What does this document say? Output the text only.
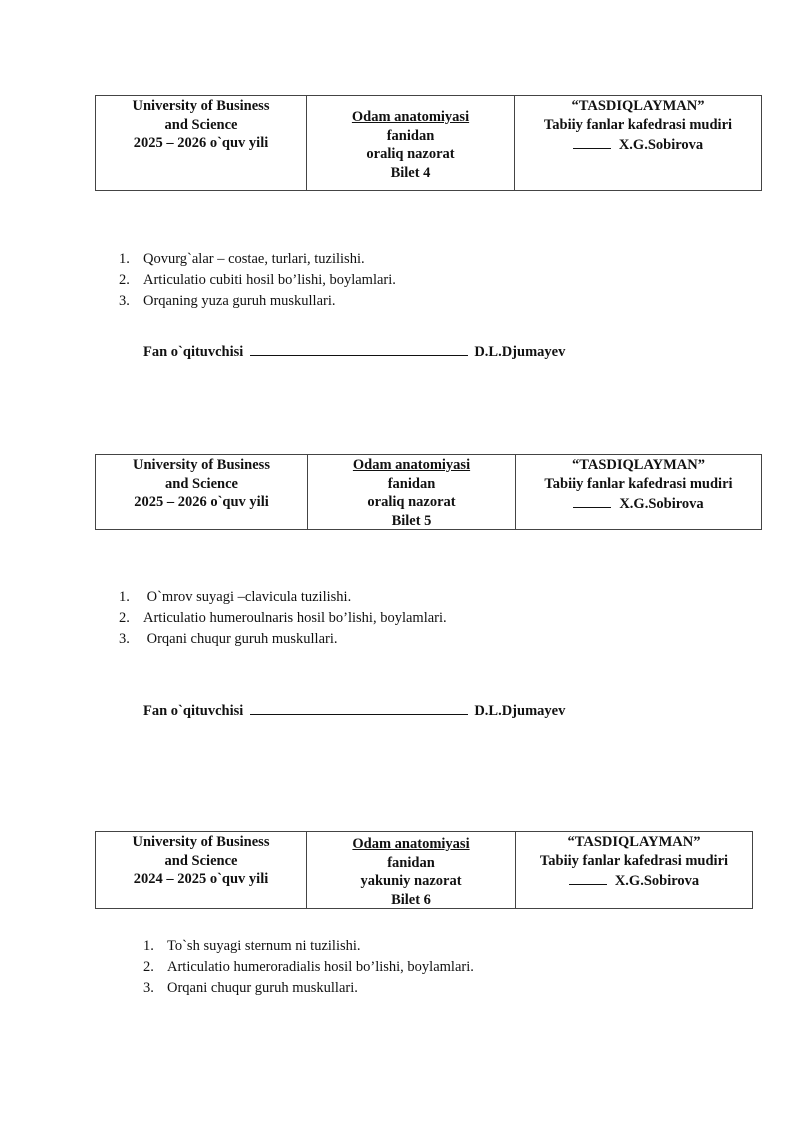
University of Business
and Science
2025 – 2026 o`quv yili
Odam anatomiyasi
fanidan
oraliq nazorat
Bilet 4
“TASDIQLAYMAN”
Tabiiy fanlar kafedrasi mudiri
X.G.Sobirova
1. Qovurg`alar – costae, turlari, tuzilishi.
2. Articulatio cubiti hosil bo’lishi, boylamlari.
3. Orqaning yuza guruh muskullari.
Fan o`qituvchisi	D.L.Djumayev
University of Business
and Science
2025 – 2026 o`quv yili
Odam anatomiyasi
fanidan
oraliq nazorat
Bilet 5
“TASDIQLAYMAN”
Tabiiy fanlar kafedrasi mudiri
X.G.Sobirova
1. O`mrov suyagi –clavicula tuzilishi.
2. Articulatio humeroulnaris hosil bo’lishi, boylamlari.
3. Orqani chuqur guruh muskullari.
Fan o`qituvchisi	D.L.Djumayev
University of Business
and Science
2024 – 2025 o`quv yili
Odam anatomiyasi
fanidan
yakuniy nazorat
Bilet 6
“TASDIQLAYMAN”
Tabiiy fanlar kafedrasi mudiri
X.G.Sobirova
1. To`sh suyagi sternum ni tuzilishi.
2. Articulatio humeroradialis hosil bo’lishi, boylamlari.
3. Orqani chuqur guruh muskullari.
